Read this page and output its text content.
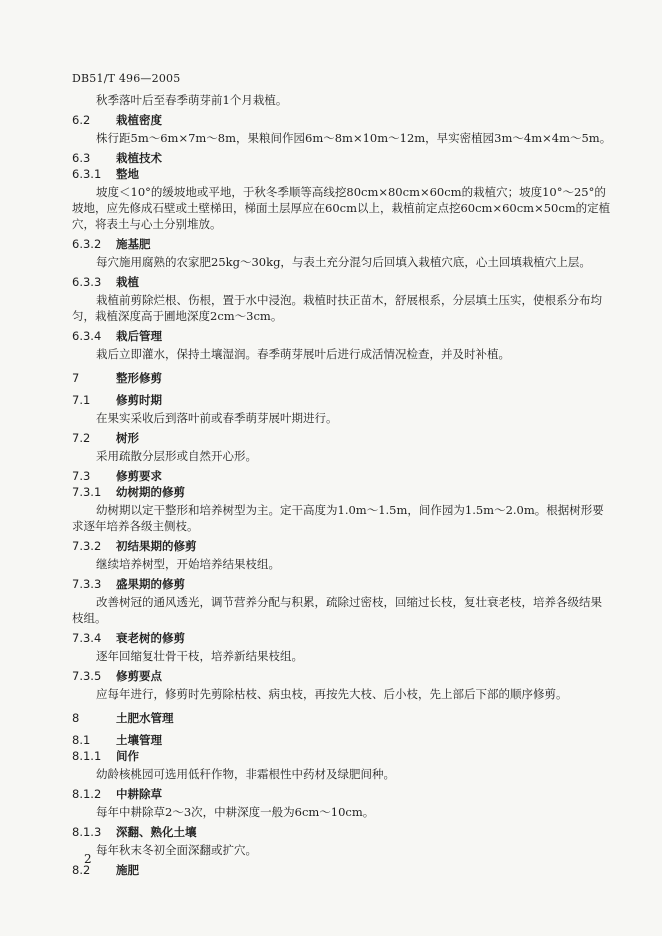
DB51/T 496—2005
秋季落叶后至春季萌芽前1个月栽植。
6.2	栽植密度
株行距5m～6m×7m～8m，果粮间作园6m～8m×10m～12m，早实密植园3m～4m×4m～5m。
6.3	栽植技术
6.3.1	整地
坡度＜10°的缓坡地或平地，于秋冬季顺等高线挖80cm×80cm×60cm的栽植穴；坡度10°～25°的坡地，应先修成石壁或土壁梯田，梯面土层厚应在60cm以上，栽植前定点挖60cm×60cm×50cm的定植穴，将表土与心土分别堆放。
6.3.2	施基肥
每穴施用腐熟的农家肥25kg～30kg，与表土充分混匀后回填入栽植穴底，心土回填栽植穴上层。
6.3.3	栽植
栽植前剪除烂根、伤根，置于水中浸泡。栽植时扶正苗木，舒展根系，分层填土压实，使根系分布均匀，栽植深度高于圃地深度2cm～3cm。
6.3.4	栽后管理
栽后立即灌水，保持土壤湿润。春季萌芽展叶后进行成活情况检查，并及时补植。
7	整形修剪
7.1	修剪时期
在果实采收后到落叶前或春季萌芽展叶期进行。
7.2	树形
采用疏散分层形或自然开心形。
7.3	修剪要求
7.3.1	幼树期的修剪
幼树期以定干整形和培养树型为主。定干高度为1.0m～1.5m，间作园为1.5m～2.0m。根据树形要求逐年培养各级主侧枝。
7.3.2	初结果期的修剪
继续培养树型，开始培养结果枝组。
7.3.3	盛果期的修剪
改善树冠的通风透光，调节营养分配与积累，疏除过密枝，回缩过长枝，复壮衰老枝，培养各级结果枝组。
7.3.4	衰老树的修剪
逐年回缩复壮骨干枝，培养新结果枝组。
7.3.5	修剪要点
应每年进行，修剪时先剪除枯枝、病虫枝，再按先大枝、后小枝，先上部后下部的顺序修剪。
8	土肥水管理
8.1	土壤管理
8.1.1	间作
幼龄核桃园可选用低秆作物，非霜根性中药材及绿肥间种。
8.1.2	中耕除草
每年中耕除草2～3次，中耕深度一般为6cm～10cm。
8.1.3	深翻、熟化土壤
每年秋末冬初全面深翻或扩穴。
8.2	施肥
2
